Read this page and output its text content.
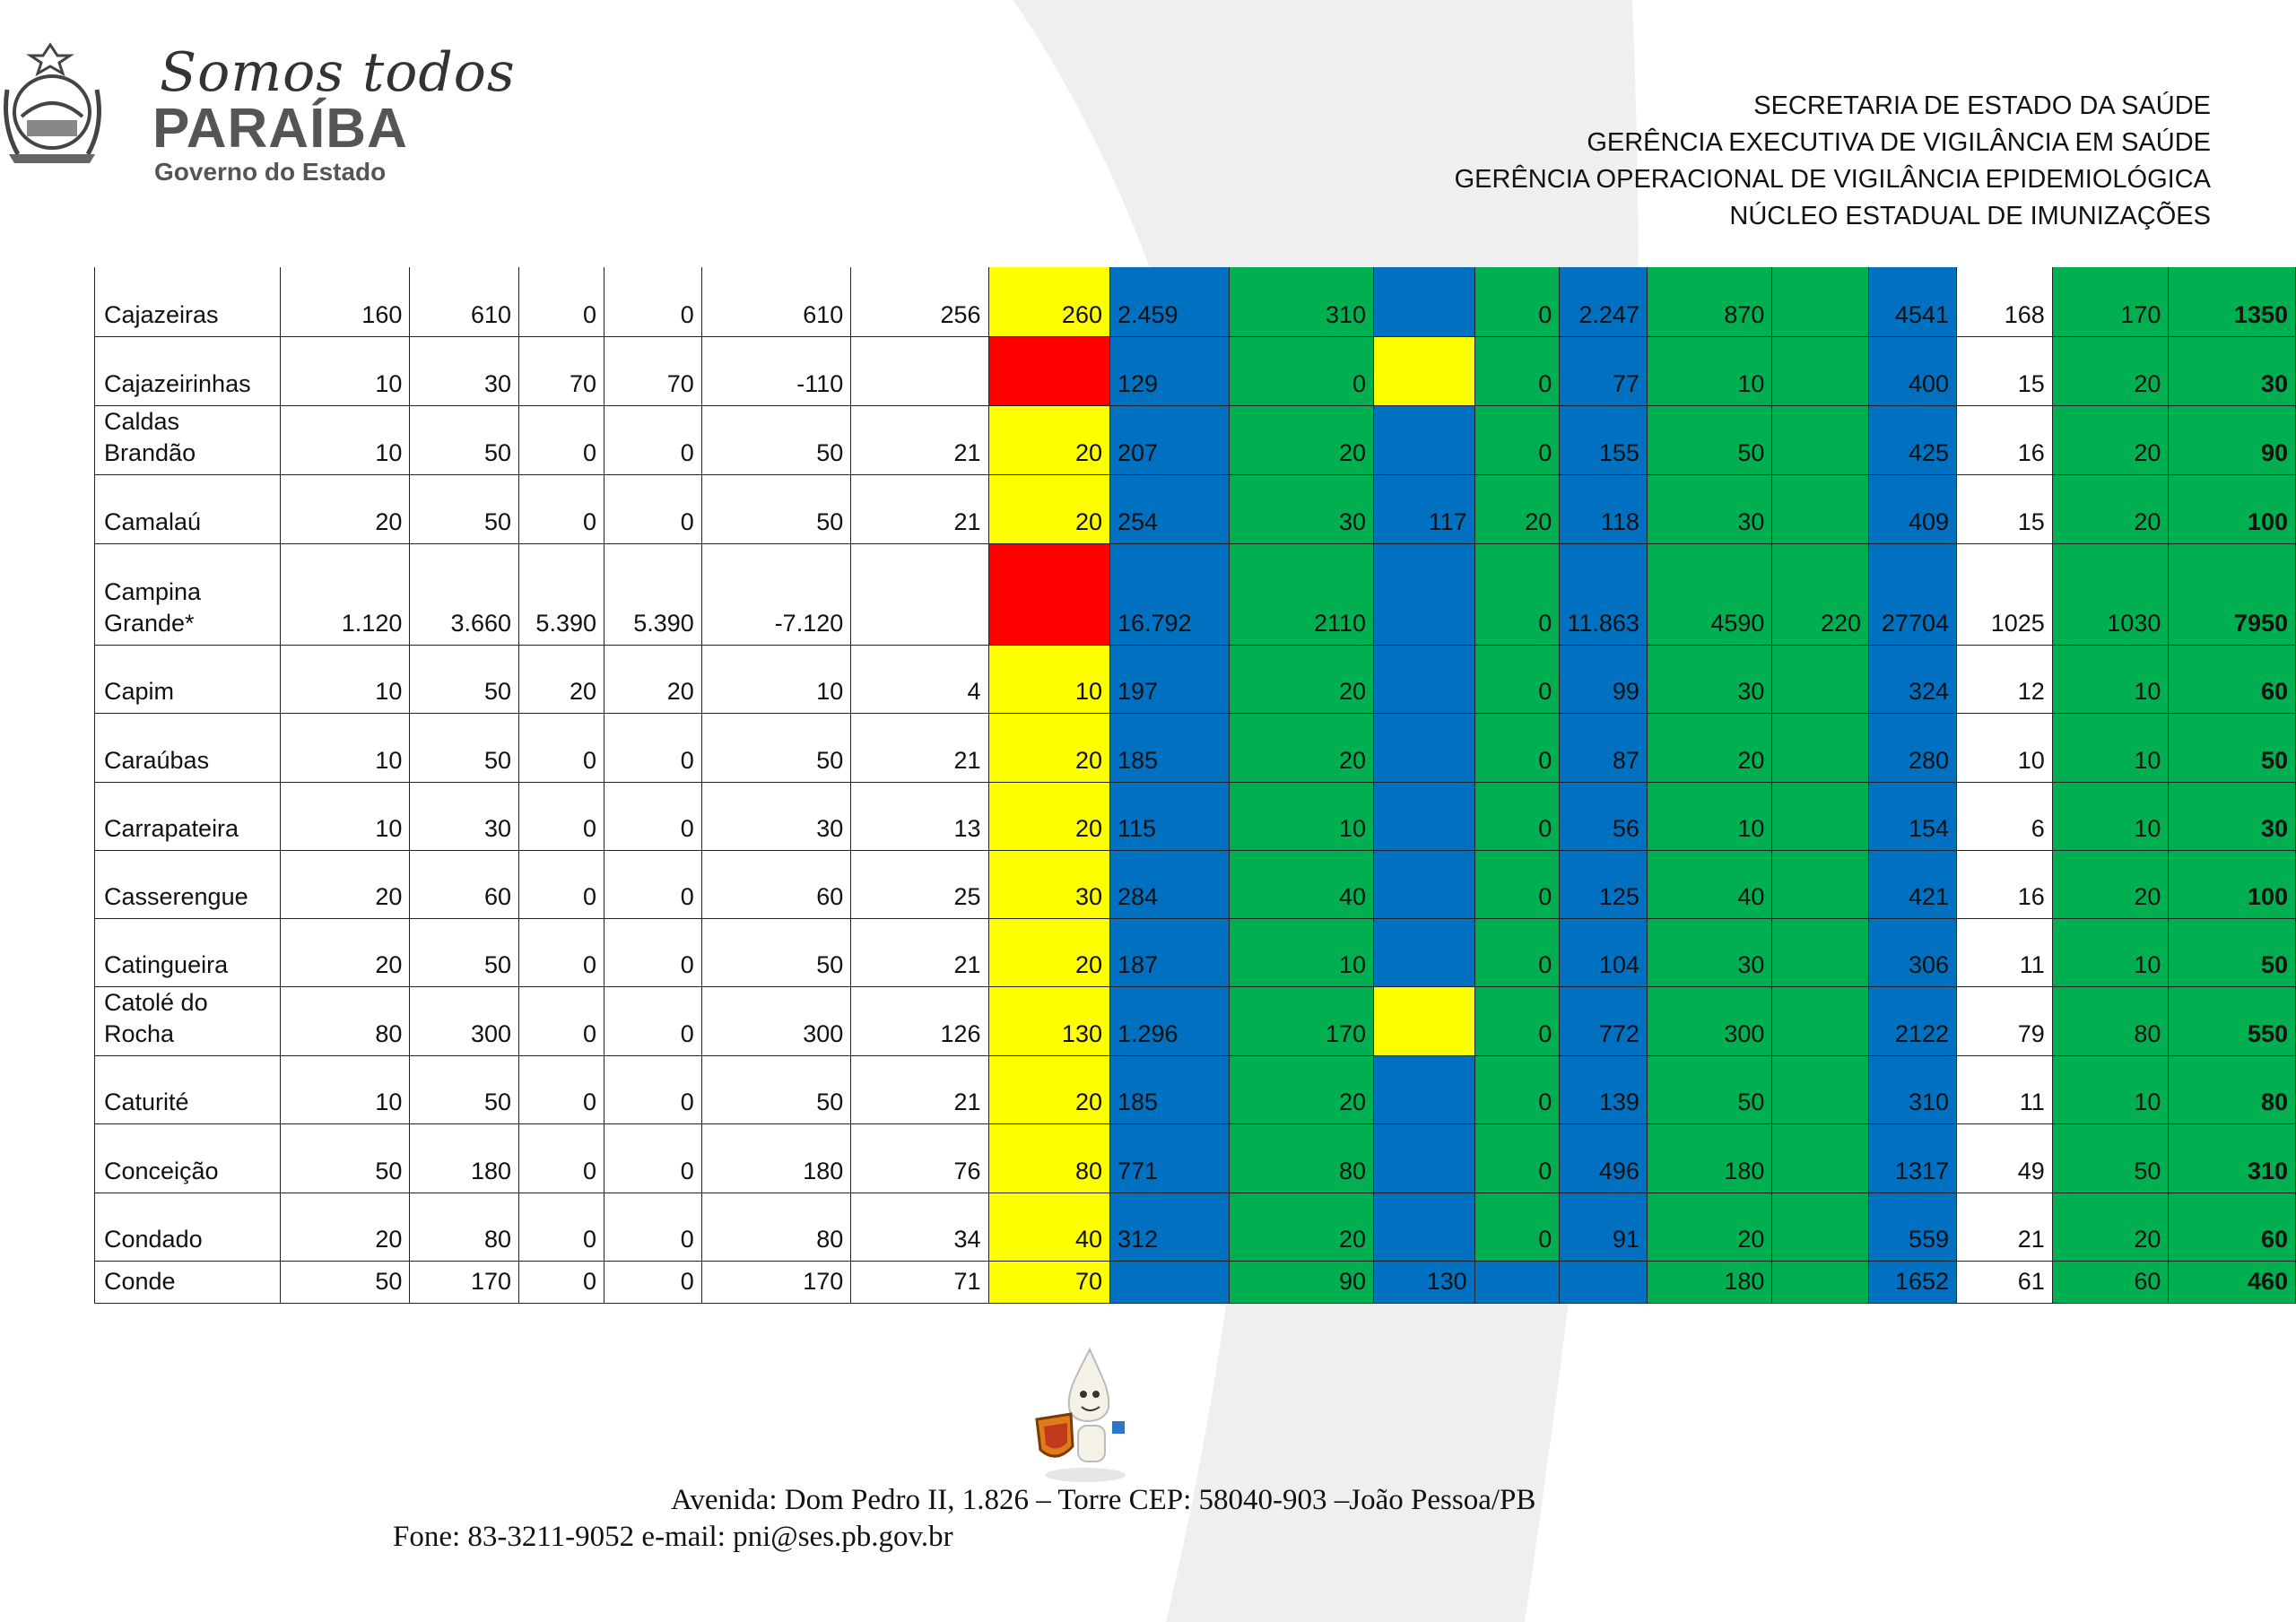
Somos todos
PARAÍBA
Governo do Estado
SECRETARIA DE ESTADO DA SAÚDE
GERÊNCIA EXECUTIVA DE VIGILÂNCIA EM SAÚDE
GERÊNCIA OPERACIONAL DE VIGILÂNCIA EPIDEMIOLÓGICA
NÚCLEO ESTADUAL DE IMUNIZAÇÕES
Cajazeiras	160	610	0	0	610	256	260	2.459	310		0	2.247	870		4541	168	170	1350
Cajazeirinhas	10	30	70	70	-110			129	0		0	77	10		400	15	20	30
Caldas Brandão	10	50	0	0	50	21	20	207	20		0	155	50		425	16	20	90
Camalaú	20	50	0	0	50	21	20	254	30	117	20	118	30		409	15	20	100
Campina Grande*	1.120	3.660	5.390	5.390	-7.120			16.792	2110		0	11.863	4590	220	27704	1025	1030	7950
Capim	10	50	20	20	10	4	10	197	20		0	99	30		324	12	10	60
Caraúbas	10	50	0	0	50	21	20	185	20		0	87	20		280	10	10	50
Carrapateira	10	30	0	0	30	13	20	115	10		0	56	10		154	6	10	30
Casserengue	20	60	0	0	60	25	30	284	40		0	125	40		421	16	20	100
Catingueira	20	50	0	0	50	21	20	187	10		0	104	30		306	11	10	50
Catolé do Rocha	80	300	0	0	300	126	130	1.296	170		0	772	300		2122	79	80	550
Caturité	10	50	0	0	50	21	20	185	20		0	139	50		310	11	10	80
Conceição	50	180	0	0	180	76	80	771	80		0	496	180		1317	49	50	310
Condado	20	80	0	0	80	34	40	312	20		0	91	20		559	21	20	60
Conde	50	170	0	0	170	71	70		90	130			180		1652	61	60	460
Avenida: Dom Pedro II, 1.826 – Torre CEP: 58040-903 –João Pessoa/PB
Fone: 83-3211-9052 e-mail: pni@ses.pb.gov.br
